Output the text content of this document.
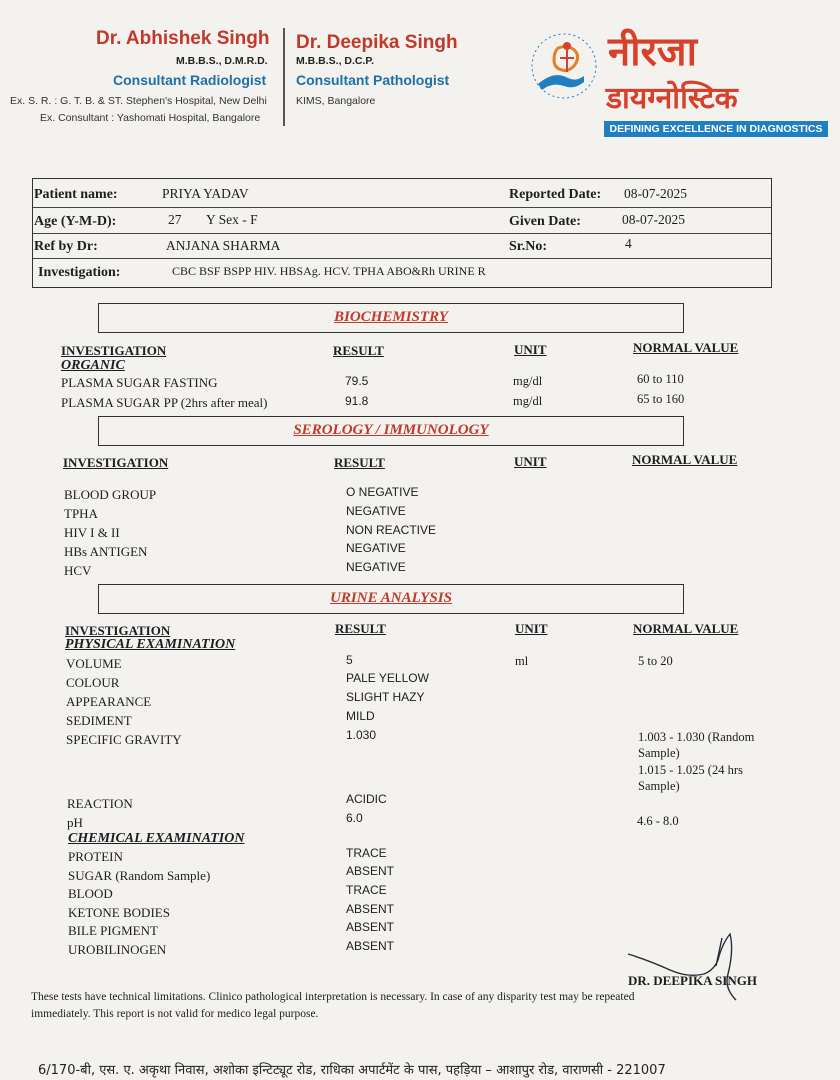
Dr. Abhishek Singh
M.B.B.S., D.M.R.D.
Consultant Radiologist
Ex. S. R. : G. T. B. & ST. Stephen's Hospital, New Delhi
Ex. Consultant : Yashomati Hospital, Bangalore
Dr. Deepika Singh
M.B.B.S., D.C.P.
Consultant Pathologist
KIMS, Bangalore
नीरजा
डायग्नोस्टिक
DEFINING EXCELLENCE IN DIAGNOSTICS
Patient name:	PRIYA YADAV	Reported Date: 08-07-2025
Age (Y-M-D):	27 Y Sex - F	Given Date:	08-07-2025
Ref by Dr:	ANJANA SHARMA	Sr.No:	4
Investigation:	CBC BSF BSPP HIV. HBSAg. HCV. TPHA ABO&Rh URINE R
BIOCHEMISTRY
INVESTIGATION	RESULT	UNIT	NORMAL VALUE
ORGANIC
PLASMA SUGAR FASTING	79.5	mg/dl	60 to 110
PLASMA SUGAR PP (2hrs after meal)	91.8	mg/dl	65 to 160
SEROLOGY / IMMUNOLOGY
INVESTIGATION	RESULT	UNIT	NORMAL VALUE
BLOOD GROUP	O NEGATIVE
TPHA	NEGATIVE
HIV I & II	NON REACTIVE
HBs ANTIGEN	NEGATIVE
HCV	NEGATIVE
URINE ANALYSIS
INVESTIGATION	RESULT	UNIT	NORMAL VALUE
PHYSICAL EXAMINATION
VOLUME	5	ml	5 to 20
COLOUR	PALE YELLOW
APPEARANCE	SLIGHT HAZY
SEDIMENT	MILD
SPECIFIC GRAVITY	1.030	1.003 - 1.030 (Random
Sample)
1.015 - 1.025 (24 hrs
Sample)
REACTION	ACIDIC
pH	6.0	4.6 - 8.0
CHEMICAL EXAMINATION
PROTEIN	TRACE
SUGAR (Random Sample)	ABSENT
BLOOD	TRACE
KETONE BODIES	ABSENT
BILE PIGMENT	ABSENT
UROBILINOGEN	ABSENT
DR. DEEPIKA SINGH
These tests have technical limitations. Clinico pathological interpretation is necessary. In case of any disparity test may be repeated
immediately. This report is not valid for medico legal purpose.
6/170-बी, एस. ए. अकृथा निवास, अशोका इन्टिट्यूट रोड, राधिका अपार्टमेंट के पास, पहड़िया – आशापुर रोड, वाराणसी - 221007
